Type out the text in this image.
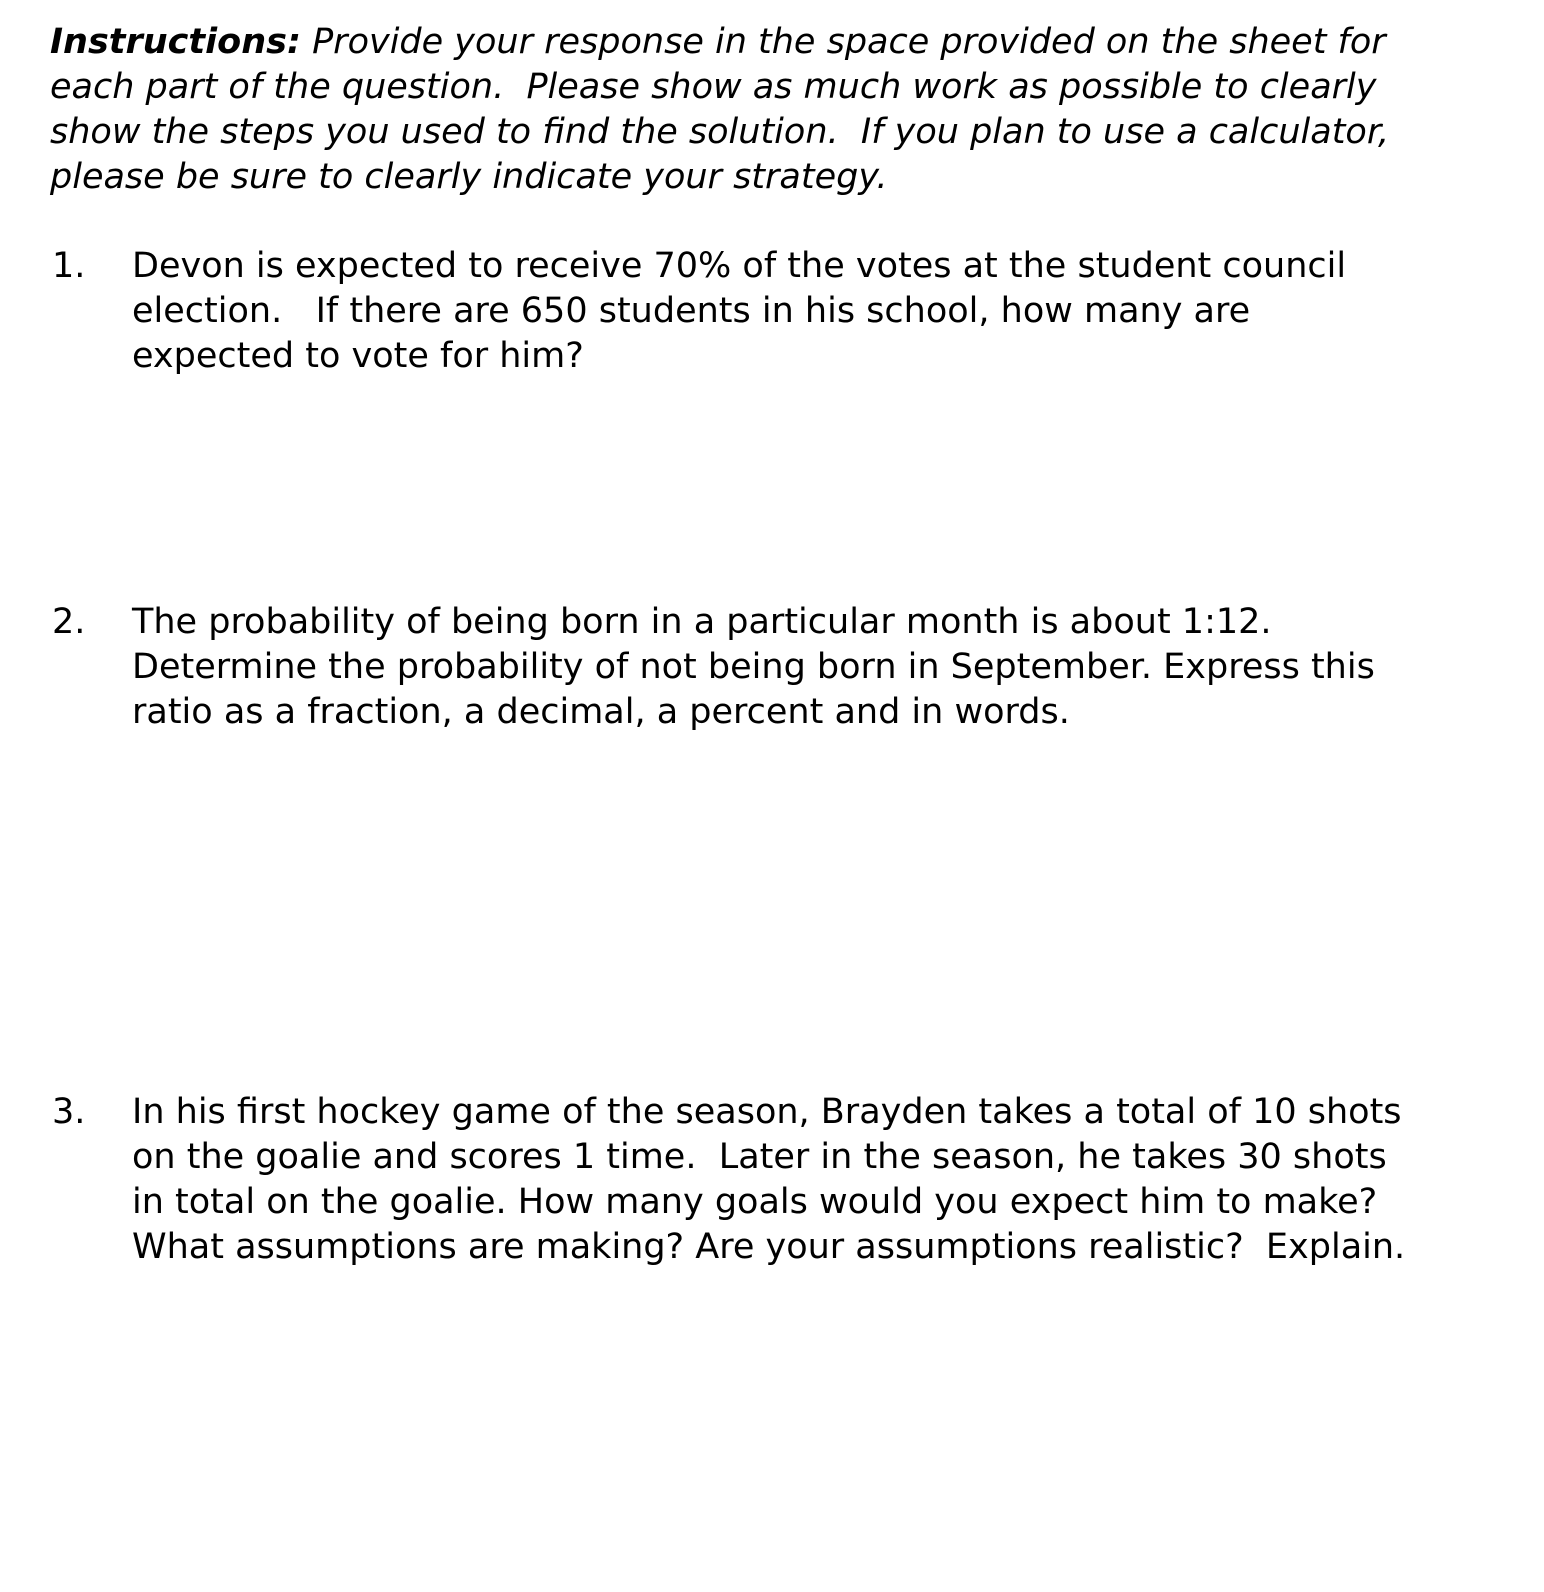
Instructions: Provide your response in the space provided on the sheet for
each part of the question.  Please show as much work as possible to clearly
show the steps you used to find the solution.  If you plan to use a calculator,
please be sure to clearly indicate your strategy.
1.	Devon is expected to receive 70% of the votes at the student council
election.   If there are 650 students in his school, how many are
expected to vote for him?
2.	The probability of being born in a particular month is about 1:12.
Determine the probability of not being born in September. Express this
ratio as a fraction, a decimal, a percent and in words.
3.	In his first hockey game of the season, Brayden takes a total of 10 shots
on the goalie and scores 1 time.  Later in the season, he takes 30 shots
in total on the goalie. How many goals would you expect him to make?
What assumptions are making? Are your assumptions realistic?  Explain.
